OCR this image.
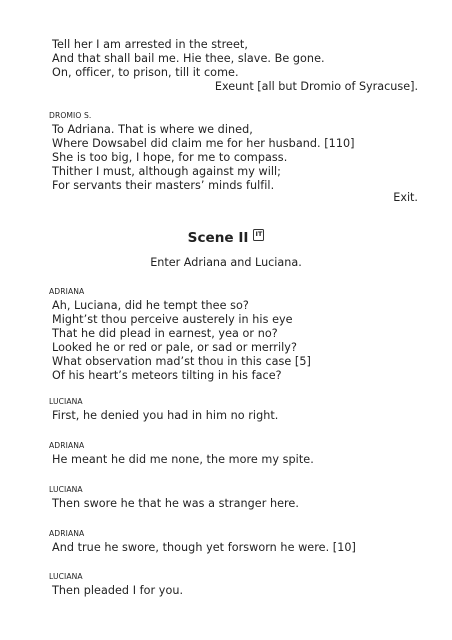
Tell her I am arrested in the street,
And that shall bail me. Hie thee, slave. Be gone.
On, officer, to prison, till it come.
Exeunt [all but Dromio of Syracuse].
DROMIO S.
To Adriana. That is where we dined,
Where Dowsabel did claim me for her husband. [110]
She is too big, I hope, for me to compass.
Thither I must, although against my will;
For servants their masters’ minds fulfil.
Exit.
Scene II IT
Enter Adriana and Luciana.
ADRIANA
Ah, Luciana, did he tempt thee so?
Might’st thou perceive austerely in his eye
That he did plead in earnest, yea or no?
Looked he or red or pale, or sad or merrily?
What observation mad’st thou in this case [5]
Of his heart’s meteors tilting in his face?
LUCIANA
First, he denied you had in him no right.
ADRIANA
He meant he did me none, the more my spite.
LUCIANA
Then swore he that he was a stranger here.
ADRIANA
And true he swore, though yet forsworn he were. [10]
LUCIANA
Then pleaded I for you.
